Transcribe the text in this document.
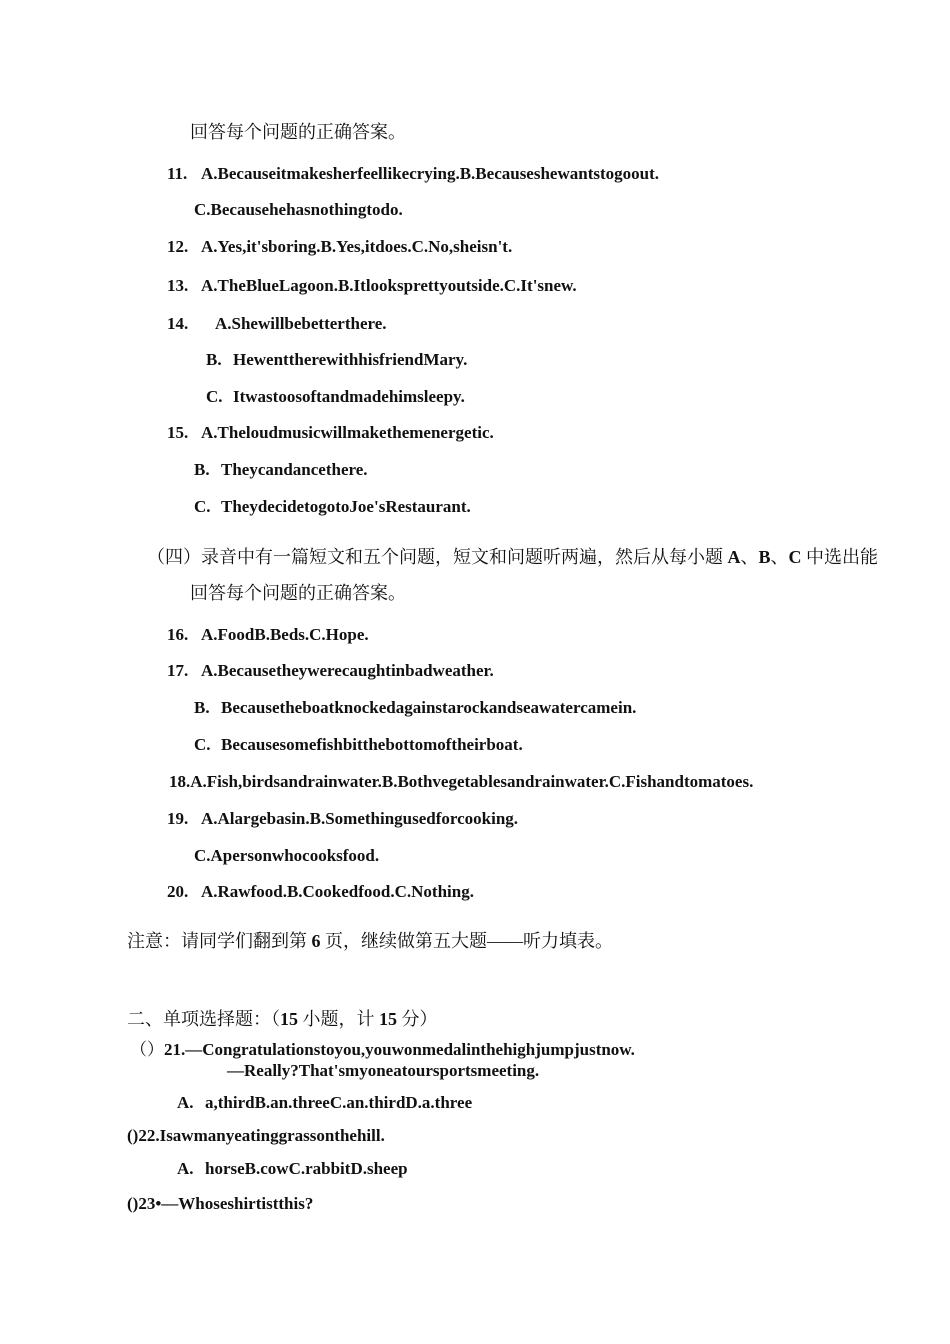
回答每个问题的正确答案。
11. A.Becauseitmakesherfeellikecrying.B.Becauseshewantstogoout.
C.Becausehehasnothingtodo.
12. A.Yes,it'sboring.B.Yes,itdoes.C.No,sheisn't.
13. A.TheBlueLagoon.B.Itlooksprettyoutside.C.It'snew.
14. A.Shewillbebetterthere.
B. HewenttherewithhisfriendMary.
C. Itwastoosoftandmadehimsleepy.
15. A.Theloudmusicwillmakethemenergetic.
B. Theycandancethere.
C. TheydecidetogotoJoe'sRestaurant.
（四）录音中有一篇短文和五个问题，短文和问题听两遍，然后从每小题 A、B、C 中选出能
回答每个问题的正确答案。
16. A.FoodB.Beds.C.Hope.
17. A.Becausetheywerecaughtinbadweather.
B. Becausetheboatknockedagainstarockandseawatercamein.
C. Becausesomefishbitthebottomoftheirboat.
18.A.Fish,birdsandrainwater.B.Bothvegetablesandrainwater.C.Fishandtomatoes.
19. A.Alargebasin.B.Somethingusedforcooking.
C.Apersonwhocooksfood.
20. A.Rawfood.B.Cookedfood.C.Nothing.
注意：请同学们翻到第 6 页，继续做第五大题——听力填表。
二、单项选择题：（15 小题，计 15 分）
（）21.—Congratulationstoyou,youwonmedalinthehighjumpjustnow.
—Really?That'smyoneatoursportsmeeting.
A. a,thirdB.an.threeC.an.thirdD.a.three
()22.Isawmanyeatinggrassonthehill.
A. horseB.cowC.rabbitD.sheep
()23•—Whoseshirtistthis?
